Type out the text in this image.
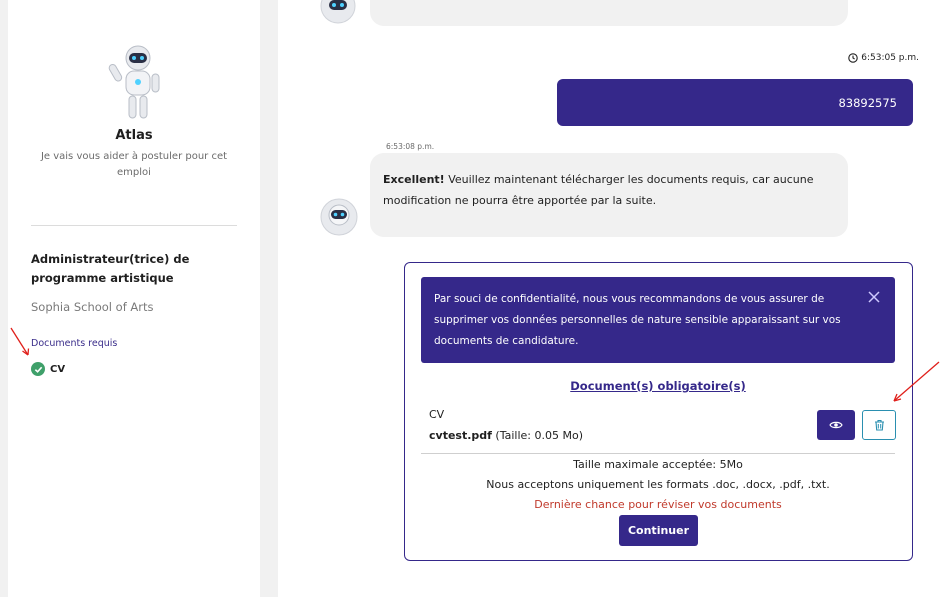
Atlas
Je vais vous aider à postuler pour cet emploi
Administrateur(trice) de programme artistique
Sophia School of Arts
Documents requis
CV
6:53:05 p.m.
83892575
6:53:08 p.m.
Excellent! Veuillez maintenant télécharger les documents requis, car aucune modification ne pourra être apportée par la suite.
Par souci de confidentialité, nous vous recommandons de vous assurer de supprimer vos données personnelles de nature sensible apparaissant sur vos documents de candidature.
Document(s) obligatoire(s)
CV
cvtest.pdf (Taille: 0.05 Mo)
Taille maximale acceptée: 5Mo
Nous acceptons uniquement les formats .doc, .docx, .pdf, .txt.
Dernière chance pour réviser vos documents
Continuer
